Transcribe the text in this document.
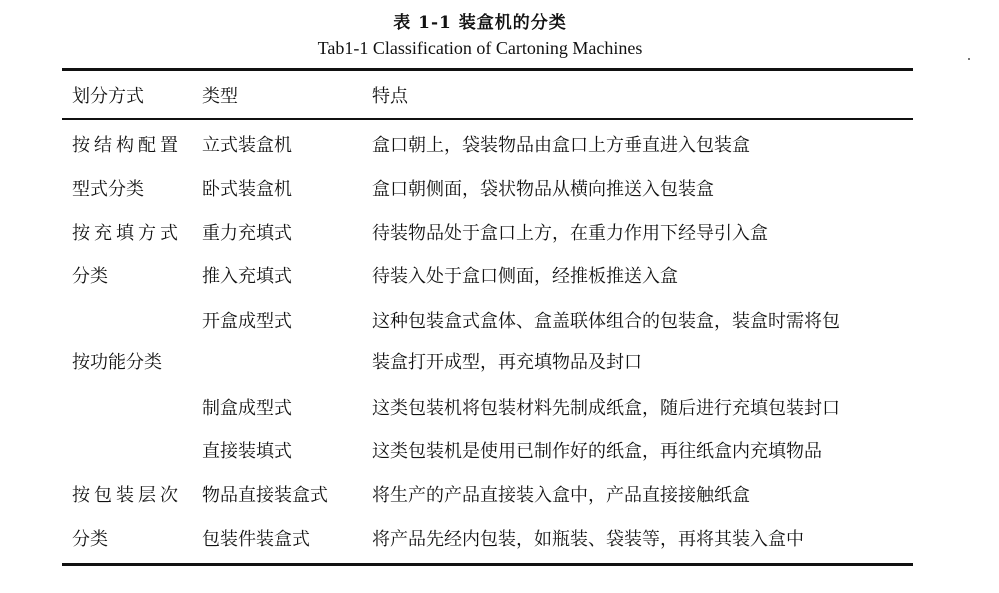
表 1-1 装盒机的分类
Tab1-1 Classification of Cartoning Machines
划分方式	类型	特点
按结构配置
型式分类
按充填方式
分类
按功能分类
按包装层次
分类
立式装盒机
卧式装盒机
重力充填式
推入充填式
开盒成型式
制盒成型式
直接装填式
物品直接装盒式
包装件装盒式
盒口朝上，袋装物品由盒口上方垂直进入包装盒
盒口朝侧面，袋状物品从横向推送入包装盒
待装物品处于盒口上方，在重力作用下经导引入盒
待装入处于盒口侧面，经推板推送入盒
这种包装盒式盒体、盒盖联体组合的包装盒，装盒时需将包
装盒打开成型，再充填物品及封口
这类包装机将包装材料先制成纸盒，随后进行充填包装封口
这类包装机是使用已制作好的纸盒，再往纸盒内充填物品
将生产的产品直接装入盒中，产品直接接触纸盒
将产品先经内包装，如瓶装、袋装等，再将其装入盒中
